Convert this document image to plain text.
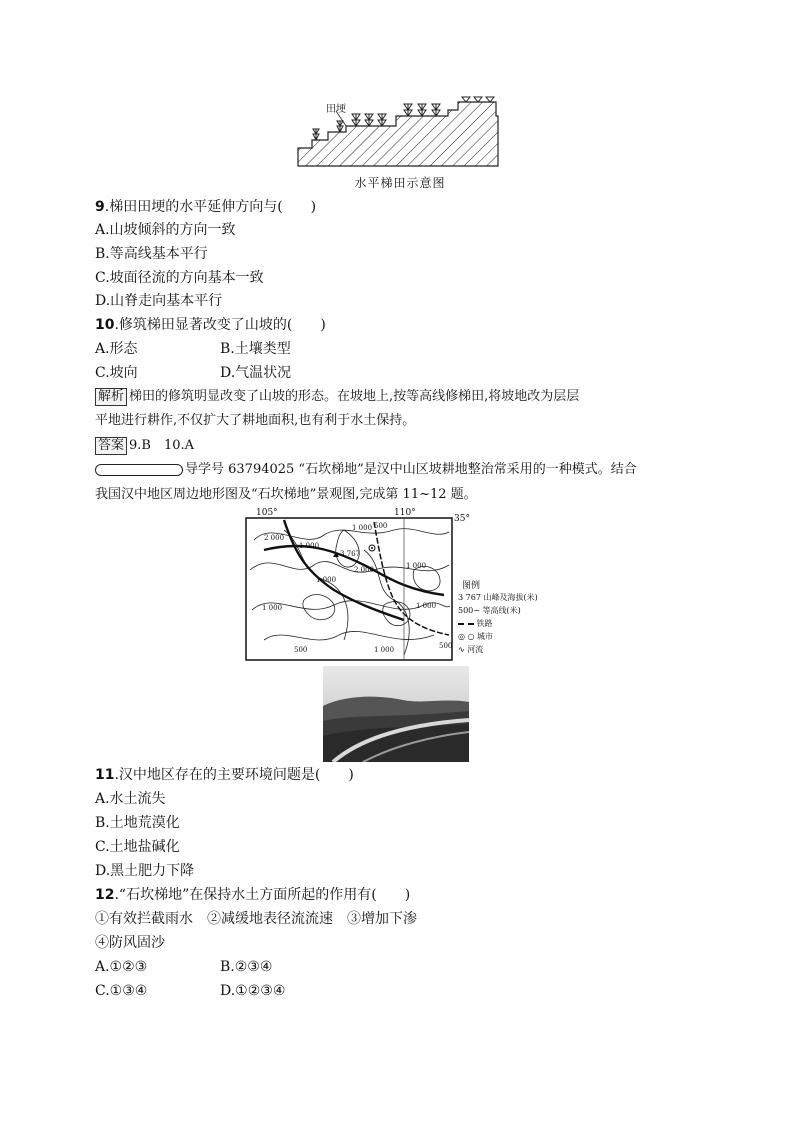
田埂
水平梯田示意图
9.梯田田埂的水平延伸方向与(　　)
A.山坡倾斜的方向一致
B.等高线基本平行
C.坡面径流的方向基本一致
D.山脊走向基本平行
10.修筑梯田显著改变了山坡的(　　)
A.形态	B.土壤类型
C.坡向	D.气温状况
解析 梯田的修筑明显改变了山坡的形态。在坡地上,按等高线修梯田,将坡地改为层层
平地进行耕作,不仅扩大了耕地面积,也有利于水土保持。
答案 9.B　10.A
导学号 63794025 “石坎梯地”是汉中山区坡耕地整治常采用的一种模式。结合
我国汉中地区周边地形图及“石坎梯地”景观图,完成第 11~12 题。
105°	110°
35°
3 767
1 000 500
2 000
1 000
2 000
1 000
1 000
1 000
1 000
500	500
1 000
图例
3 767 山峰及海拔(米)
500~ 等高线(米)
铁路
◎ ○ 城市
∿ 河流
11.汉中地区存在的主要环境问题是(　　)
A.水土流失
B.土地荒漠化
C.土地盐碱化
D.黑土肥力下降
12.“石坎梯地”在保持水土方面所起的作用有(　　)
①有效拦截雨水　②减缓地表径流流速　③增加下渗
④防风固沙
A.①②③	B.②③④
C.①③④	D.①②③④
